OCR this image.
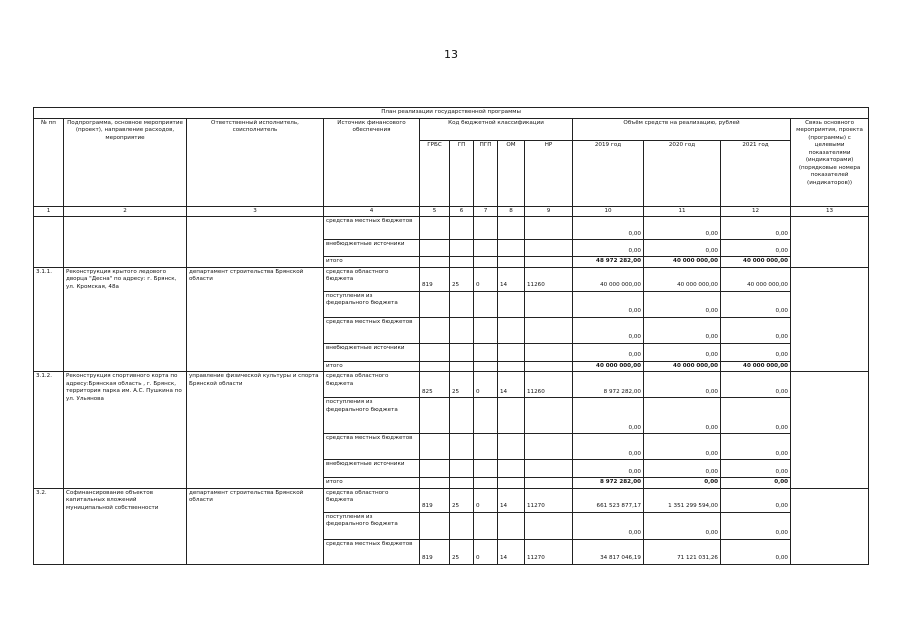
13
План реализации государственной программы												
№ пп	Подпрограмма, основное мероприятие (проект), направление расходов, мероприятие	Ответственный исполнитель, соисполнитель	Источник финансового обеспечения	Код бюджетной классификации					Объём средств на реализацию, рублей			Связь основного мероприятия, проекта (программы) с целевыми показателями (индикаторами) (порядковые номера показателей (индикаторов))
				ГРБС	ГП	ПГП	ОМ	НР	2019 год	2020 год	2021 год	
1	2	3	4	5	6	7	8	9	10	11	12	13
			средства местных бюджетов						0,00	0,00	0,00	
			внебюджетные источники						0,00	0,00	0,00	
			итого						48 972 282,00	40 000 000,00	40 000 000,00	
3.1.1.	Реконструкция крытого ледового дворца "Десна" по адресу: г. Брянск, ул. Кромская, 48а	департамент строительства Брянской области	средства областного бюджета	819	25	0	14	11260	40 000 000,00	40 000 000,00	40 000 000,00	
			поступления из федерального бюджета						0,00	0,00	0,00	
			средства местных бюджетов						0,00	0,00	0,00	
			внебюджетные источники						0,00	0,00	0,00	
			итого						40 000 000,00	40 000 000,00	40 000 000,00	
3.1.2.	Реконструкция спортивного корта по адресу:Брянская область , г. Брянск, территория парка им. А.С. Пушкина по ул. Ульянова	управление физической культуры и спорта Брянской области	средства областного бюджета	825	25	0	14	11260	8 972 282,00	0,00	0,00	
			поступления из федерального бюджета						0,00	0,00	0,00	
			средства местных бюджетов						0,00	0,00	0,00	
			внебюджетные источники						0,00	0,00	0,00	
			итого						8 972 282,00	0,00	0,00	
3.2.	Софинансирование объектов капитальных вложений муниципальной собственности	департамент строительства Брянской области	средства областного бюджета	819	25	0	14	11270	661 523 877,17	1 351 299 594,00	0,00	
			поступления из федерального бюджета						0,00	0,00	0,00	
			средства местных бюджетов	819	25	0	14	11270	34 817 046,19	71 121 031,26	0,00	
